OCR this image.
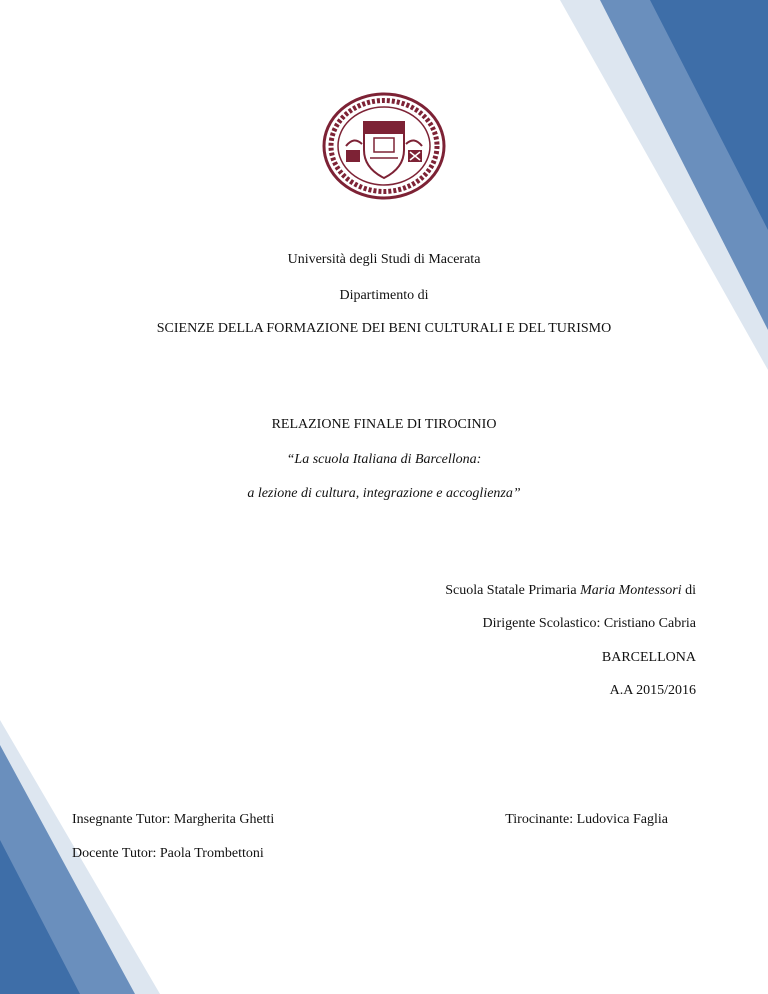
Università degli Studi di Macerata
Dipartimento di
SCIENZE DELLA FORMAZIONE DEI BENI CULTURALI E DEL TURISMO
RELAZIONE FINALE DI TIROCINIO
“La scuola Italiana di Barcellona:
a lezione di cultura, integrazione e accoglienza”
Scuola Statale Primaria Maria Montessori di
Dirigente Scolastico: Cristiano Cabria
BARCELLONA
A.A 2015/2016
Insegnante Tutor: Margherita Ghetti	Tirocinante: Ludovica Faglia
Docente Tutor: Paola Trombettoni
